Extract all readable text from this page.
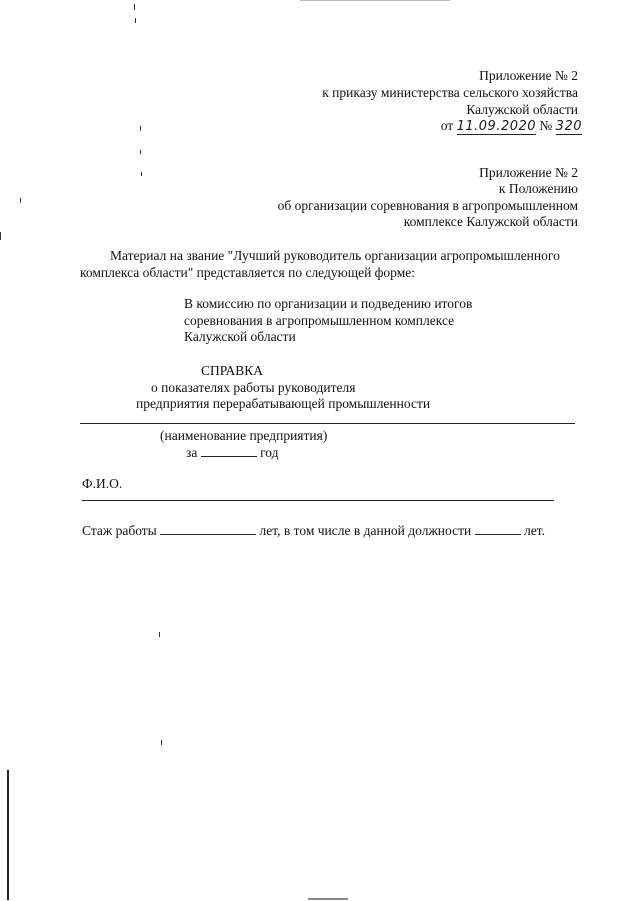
Приложение № 2
к приказу министерства сельского хозяйства
Калужской области
от 11.09.2020 № 320
Приложение № 2
к Положению
об организации соревнования в агропромышленном
комплексе Калужской области
Материал на звание "Лучший руководитель организации агропромышленного
комплекса области" представляется по следующей форме:
В комиссию по организации и подведению итогов
соревнования в агропромышленном комплексе
Калужской области
СПРАВКА
о показателях работы руководителя
предприятия перерабатывающей промышленности
(наименование предприятия)
за	год
Ф.И.О.
Стаж работы	лет, в том числе в данной должности	лет.
